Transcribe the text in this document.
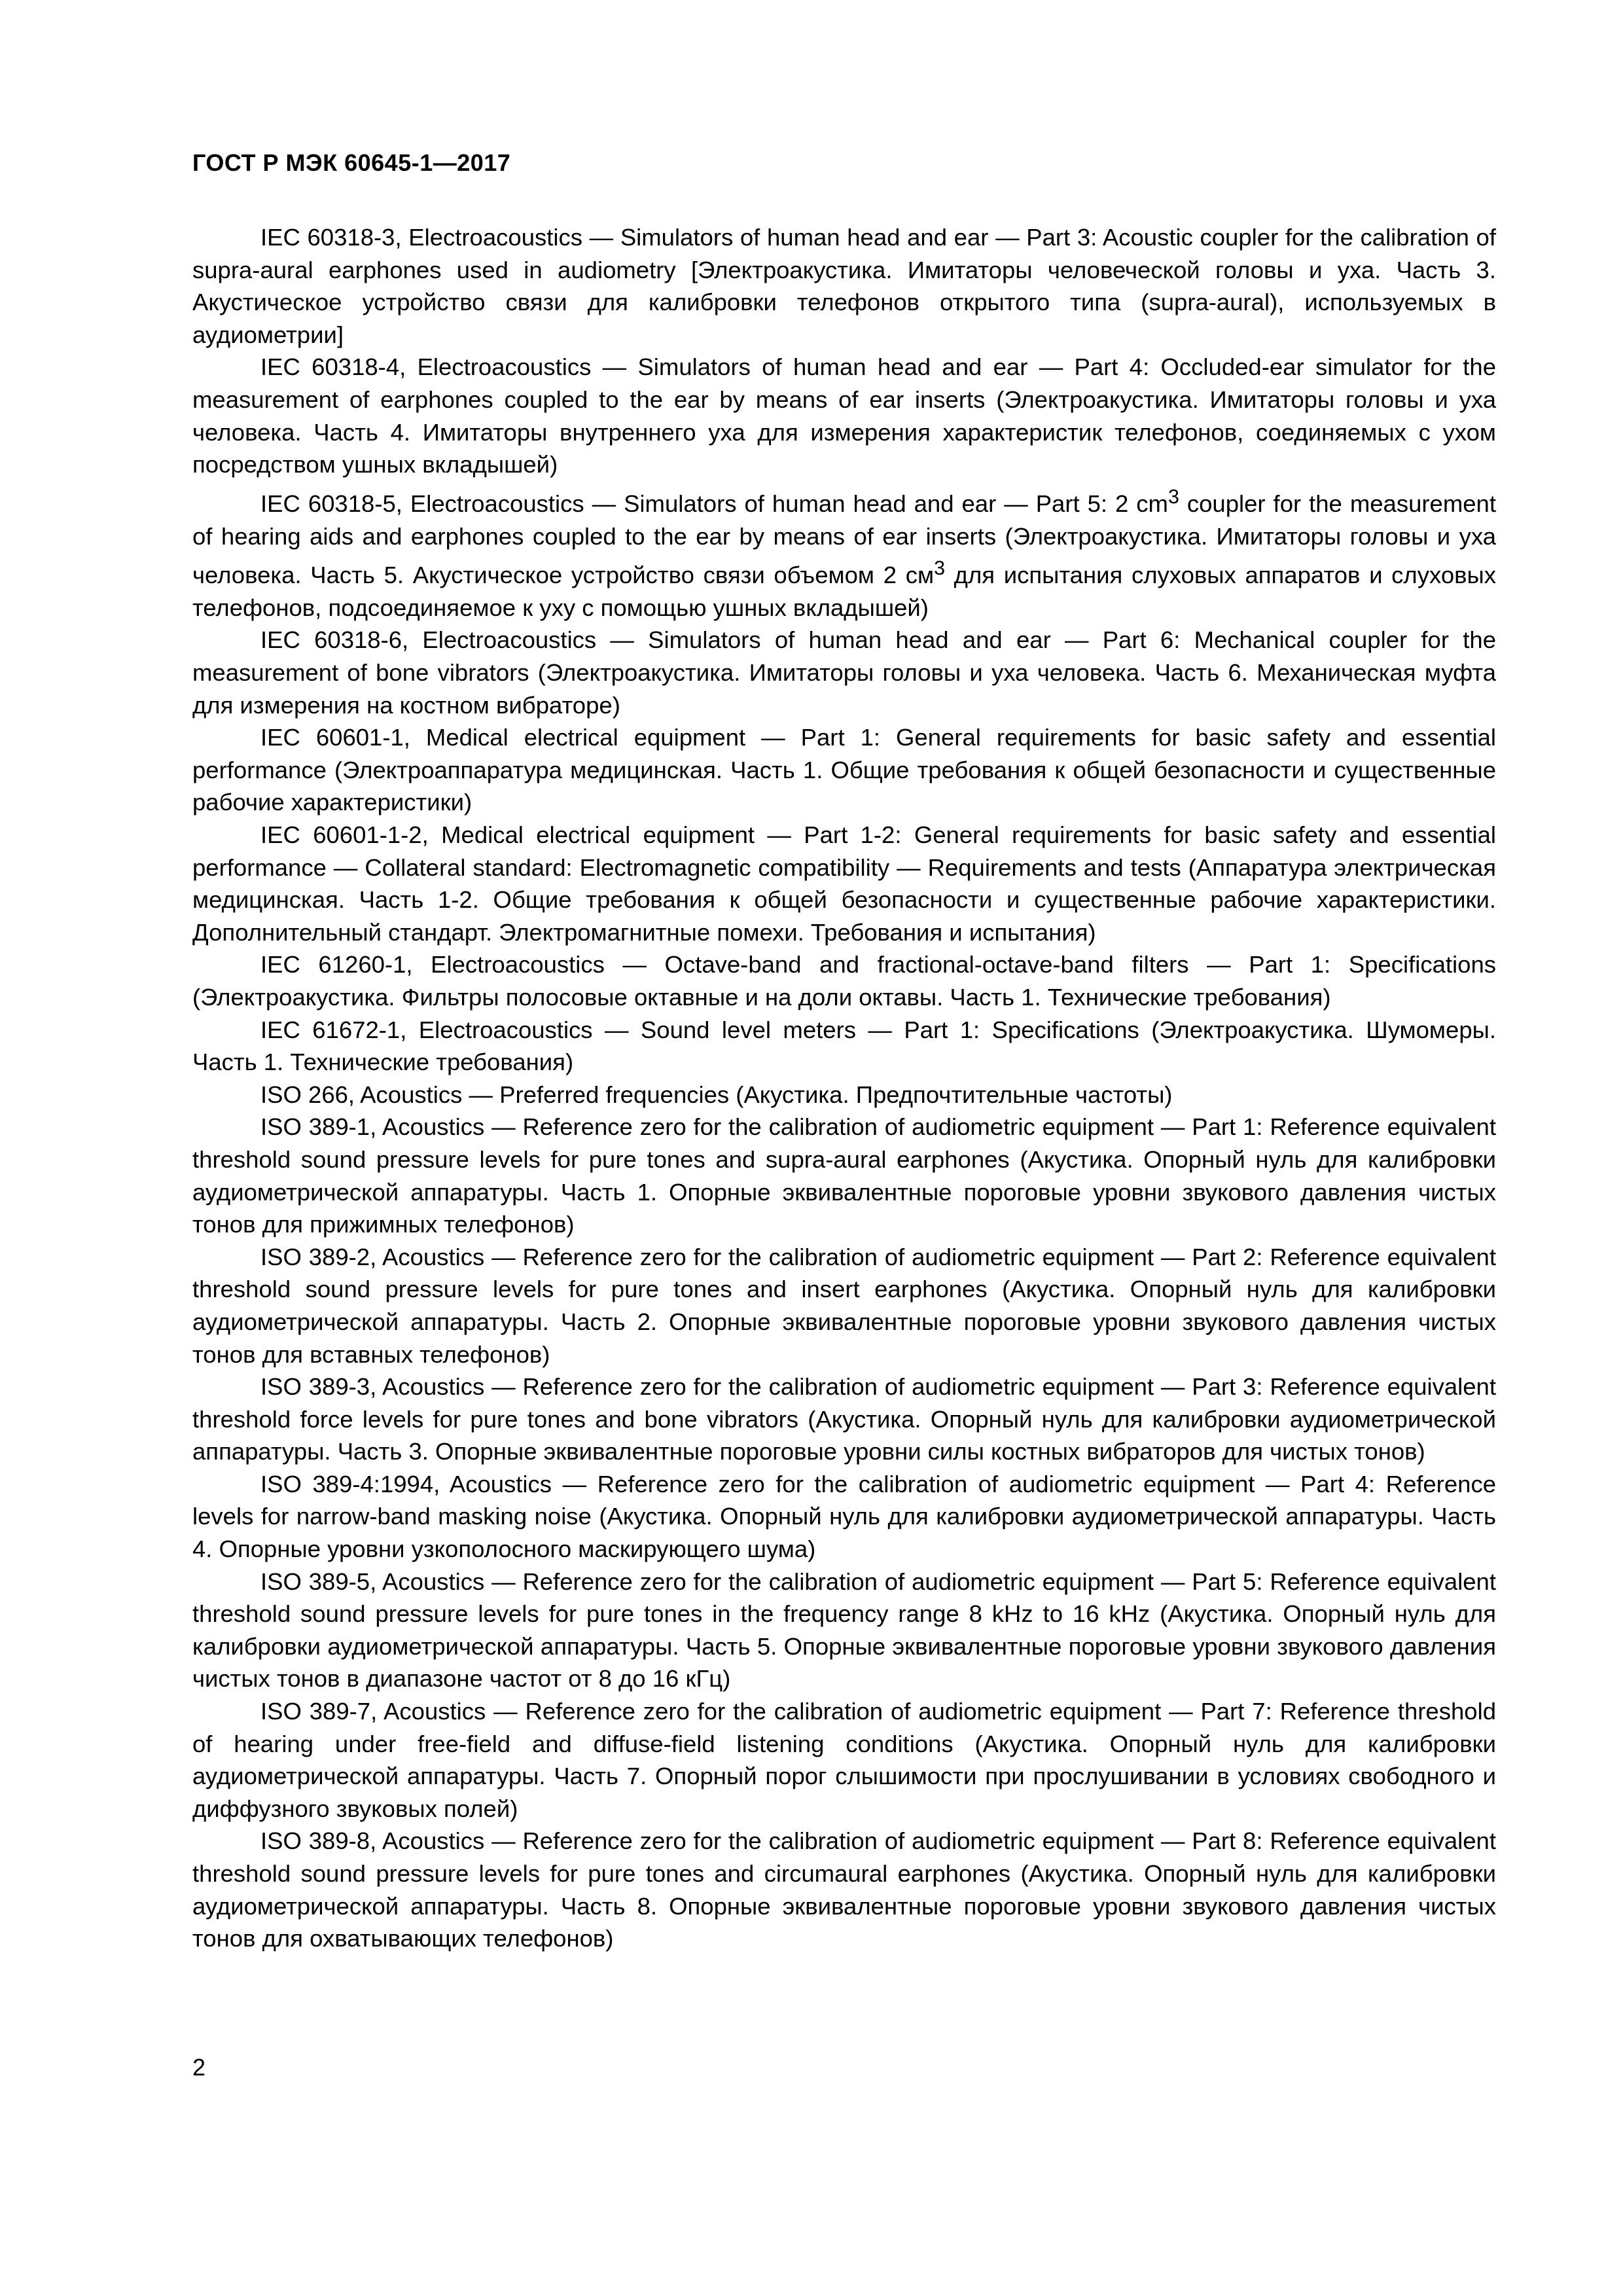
ГОСТ Р МЭК 60645-1—2017

IEC 60318-3, Electroacoustics — Simulators of human head and ear — Part 3: Acoustic coupler for the calibration of supra-aural earphones used in audiometry [Электроакустика. Имитаторы человеческой головы и уха. Часть 3. Акустическое устройство связи для калибровки телефонов открытого типа (supra-aural), используемых в аудиометрии]

IEC 60318-4, Electroacoustics — Simulators of human head and ear — Part 4: Occluded-ear simulator for the measurement of earphones coupled to the ear by means of ear inserts (Электроакустика. Имитаторы головы и уха человека. Часть 4. Имитаторы внутреннего уха для измерения характеристик телефонов, соединяемых с ухом посредством ушных вкладышей)

IEC 60318-5, Electroacoustics — Simulators of human head and ear — Part 5: 2 $cm^3$ coupler for the measurement of hearing aids and earphones coupled to the ear by means of ear inserts (Электроакустика. Имитаторы головы и уха человека. Часть 5. Акустическое устройство связи объемом 2 $см^3$ для испытания слуховых аппаратов и слуховых телефонов, подсоединяемое к уху с помощью ушных вкладышей)

IEC 60318-6, Electroacoustics — Simulators of human head and ear — Part 6: Mechanical coupler for the measurement of bone vibrators (Электроакустика. Имитаторы головы и уха человека. Часть 6. Механическая муфта для измерения на костном вибраторе)

IEC 60601-1, Medical electrical equipment — Part 1: General requirements for basic safety and essential performance (Электроаппаратура медицинская. Часть 1. Общие требования к общей безопасности и существенные рабочие характеристики)

IEC 60601-1-2, Medical electrical equipment — Part 1-2: General requirements for basic safety and essential performance — Collateral standard: Electromagnetic compatibility — Requirements and tests (Аппаратура электрическая медицинская. Часть 1-2. Общие требования к общей безопасности и существенные рабочие характеристики. Дополнительный стандарт. Электромагнитные помехи. Требования и испытания)

IEC 61260-1, Electroacoustics — Octave-band and fractional-octave-band filters — Part 1: Specifications (Электроакустика. Фильтры полосовые октавные и на доли октавы. Часть 1. Технические требования)

IEC 61672-1, Electroacoustics — Sound level meters — Part 1: Specifications (Электроакустика. Шумомеры. Часть 1. Технические требования)

ISO 266, Acoustics — Preferred frequencies (Акустика. Предпочтительные частоты)

ISO 389-1, Acoustics — Reference zero for the calibration of audiometric equipment — Part 1: Reference equivalent threshold sound pressure levels for pure tones and supra-aural earphones (Акустика. Опорный нуль для калибровки аудиометрической аппаратуры. Часть 1. Опорные эквивалентные пороговые уровни звукового давления чистых тонов для прижимных телефонов)

ISO 389-2, Acoustics — Reference zero for the calibration of audiometric equipment — Part 2: Reference equivalent threshold sound pressure levels for pure tones and insert earphones (Акустика. Опорный нуль для калибровки аудиометрической аппаратуры. Часть 2. Опорные эквивалентные пороговые уровни звукового давления чистых тонов для вставных телефонов)

ISO 389-3, Acoustics — Reference zero for the calibration of audiometric equipment — Part 3: Reference equivalent threshold force levels for pure tones and bone vibrators (Акустика. Опорный нуль для калибровки аудиометрической аппаратуры. Часть 3. Опорные эквивалентные пороговые уровни силы костных вибраторов для чистых тонов)

ISO 389-4:1994, Acoustics — Reference zero for the calibration of audiometric equipment — Part 4: Reference levels for narrow-band masking noise (Акустика. Опорный нуль для калибровки аудиометрической аппаратуры. Часть 4. Опорные уровни узкополосного маскирующего шума)

ISO 389-5, Acoustics — Reference zero for the calibration of audiometric equipment — Part 5: Reference equivalent threshold sound pressure levels for pure tones in the frequency range 8 kHz to 16 kHz (Акустика. Опорный нуль для калибровки аудиометрической аппаратуры. Часть 5. Опорные эквивалентные пороговые уровни звукового давления чистых тонов в диапазоне частот от 8 до 16 кГц)

ISO 389-7, Acoustics — Reference zero for the calibration of audiometric equipment — Part 7: Reference threshold of hearing under free-field and diffuse-field listening conditions (Акустика. Опорный нуль для калибровки аудиометрической аппаратуры. Часть 7. Опорный порог слышимости при прослушивании в условиях свободного и диффузного звуковых полей)

ISO 389-8, Acoustics — Reference zero for the calibration of audiometric equipment — Part 8: Reference equivalent threshold sound pressure levels for pure tones and circumaural earphones (Акустика. Опорный нуль для калибровки аудиометрической аппаратуры. Часть 8. Опорные эквивалентные пороговые уровни звукового давления чистых тонов для охватывающих телефонов)

2
